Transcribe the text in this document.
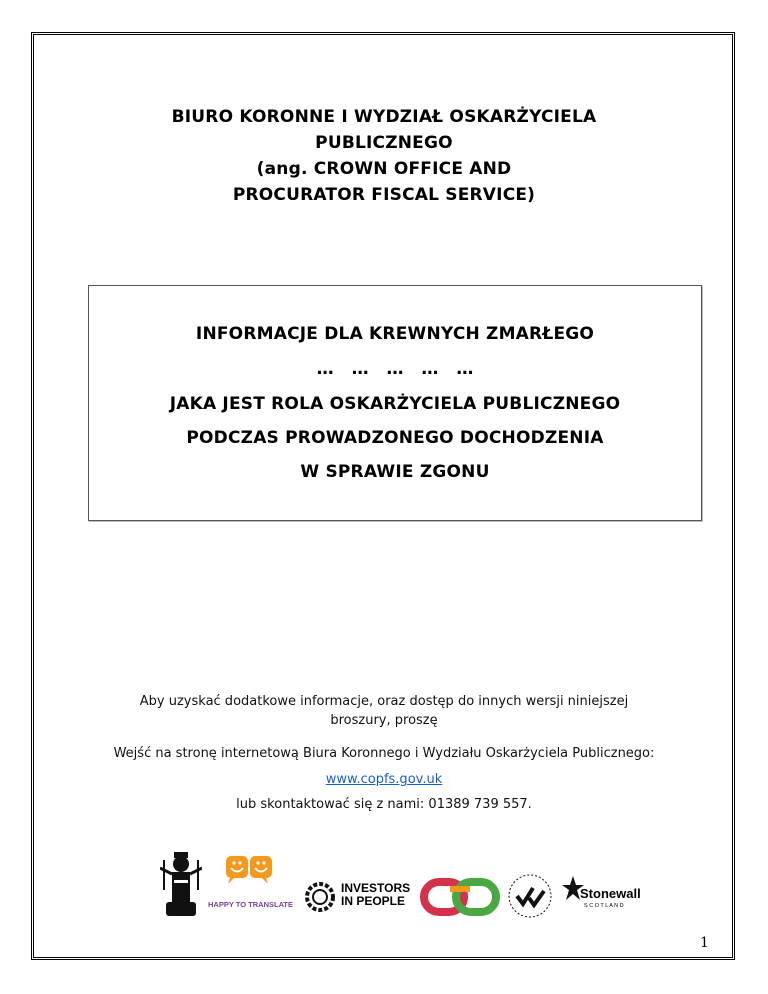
BIURO KORONNE I WYDZIAŁ OSKARŻYCIELA
PUBLICZNEGO
(ang. CROWN OFFICE AND
PROCURATOR FISCAL SERVICE)
INFORMACJE DLA KREWNYCH ZMARŁEGO
… … … … …
JAKA JEST ROLA OSKARŻYCIELA PUBLICZNEGO
PODCZAS PROWADZONEGO DOCHODZENIA
W SPRAWIE ZGONU
Aby uzyskać dodatkowe informacje, oraz dostęp do innych wersji niniejszej
broszury, proszę
Wejść na stronę internetową Biura Koronnego i Wydziału Oskarżyciela Publicznego:
www.copfs.gov.uk
lub skontaktować się z nami: 01389 739 557.
HAPPY TO TRANSLATE
INVESTORS
IN PEOPLE	Stonewall
S C O T L A N D
1
